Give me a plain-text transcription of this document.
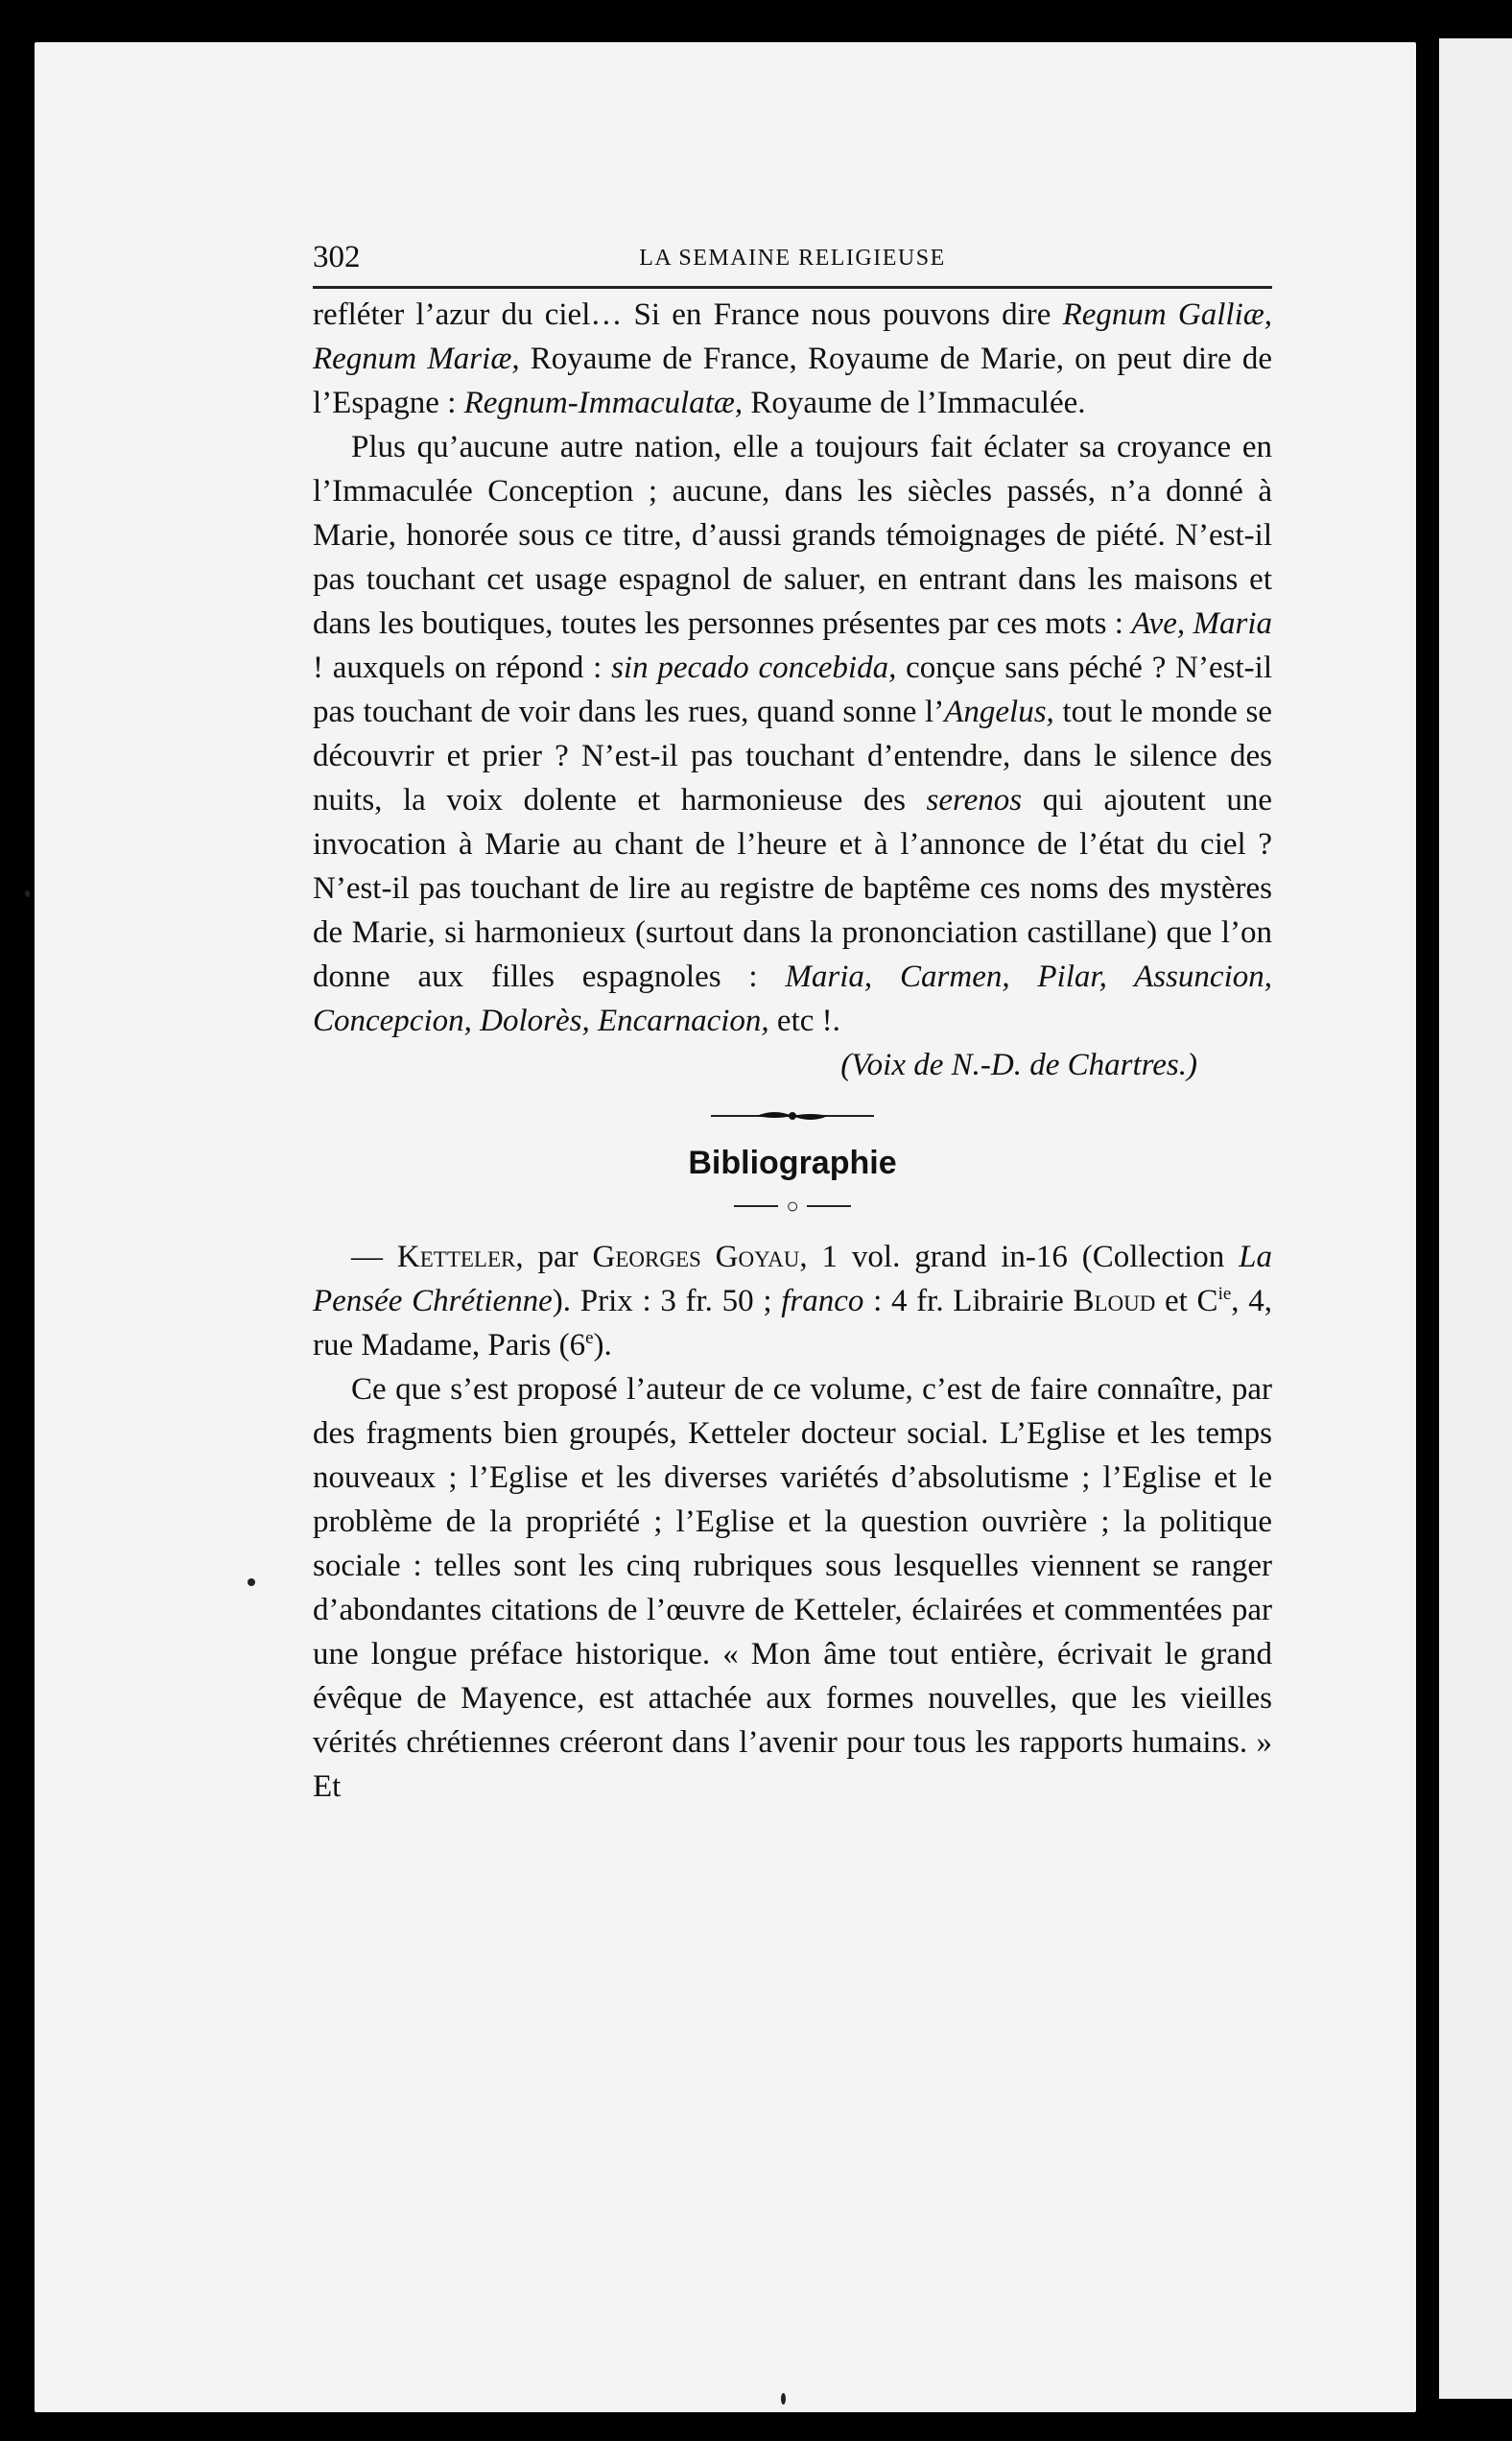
302	LA SEMAINE RELIGIEUSE

refléter l’azur du ciel… Si en France nous pouvons dire Regnum Galliæ, Regnum Mariæ, Royaume de France, Royaume de Marie, on peut dire de l’Espagne : Regnum-Immaculatæ, Royaume de l’Immaculée.

Plus qu’aucune autre nation, elle a toujours fait éclater sa croyance en l’Immaculée Conception ; aucune, dans les siècles passés, n’a donné à Marie, honorée sous ce titre, d’aussi grands témoignages de piété. N’est-il pas touchant cet usage espagnol de saluer, en entrant dans les maisons et dans les boutiques, toutes les personnes présentes par ces mots : Ave, Maria ! auxquels on répond : sin pecado concebida, conçue sans péché ? N’est-il pas touchant de voir dans les rues, quand sonne l’Angelus, tout le monde se découvrir et prier ? N’est-il pas touchant d’entendre, dans le silence des nuits, la voix dolente et harmonieuse des serenos qui ajoutent une invocation à Marie au chant de l’heure et à l’annonce de l’état du ciel ? N’est-il pas touchant de lire au registre de baptême ces noms des mystères de Marie, si harmonieux (surtout dans la prononciation castillane) que l’on donne aux filles espagnoles : Maria, Carmen, Pilar, Assuncion, Concepcion, Dolorès, Encarnacion, etc !.

(Voix de N.-D. de Chartres.)

Bibliographie
○

— Ketteler, par Georges Goyau, 1 vol. grand in-16 (Collection La Pensée Chrétienne). Prix : 3 fr. 50 ; franco : 4 fr. Librairie Bloud et $C^{ie}$, 4, rue Madame, Paris (6e).

Ce que s’est proposé l’auteur de ce volume, c’est de faire connaître, par des fragments bien groupés, Ketteler docteur social. L’Eglise et les temps nouveaux ; l’Eglise et les diverses variétés d’absolutisme ; l’Eglise et le problème de la propriété ; l’Eglise et la question ouvrière ; la politique sociale : telles sont les cinq rubriques sous lesquelles viennent se ranger d’abondantes citations de l’œuvre de Ketteler, éclairées et commentées par une longue préface historique. « Mon âme tout entière, écrivait le grand évêque de Mayence, est attachée aux formes nouvelles, que les vieilles vérités chrétiennes créeront dans l’avenir pour tous les rapports humains. » Et
